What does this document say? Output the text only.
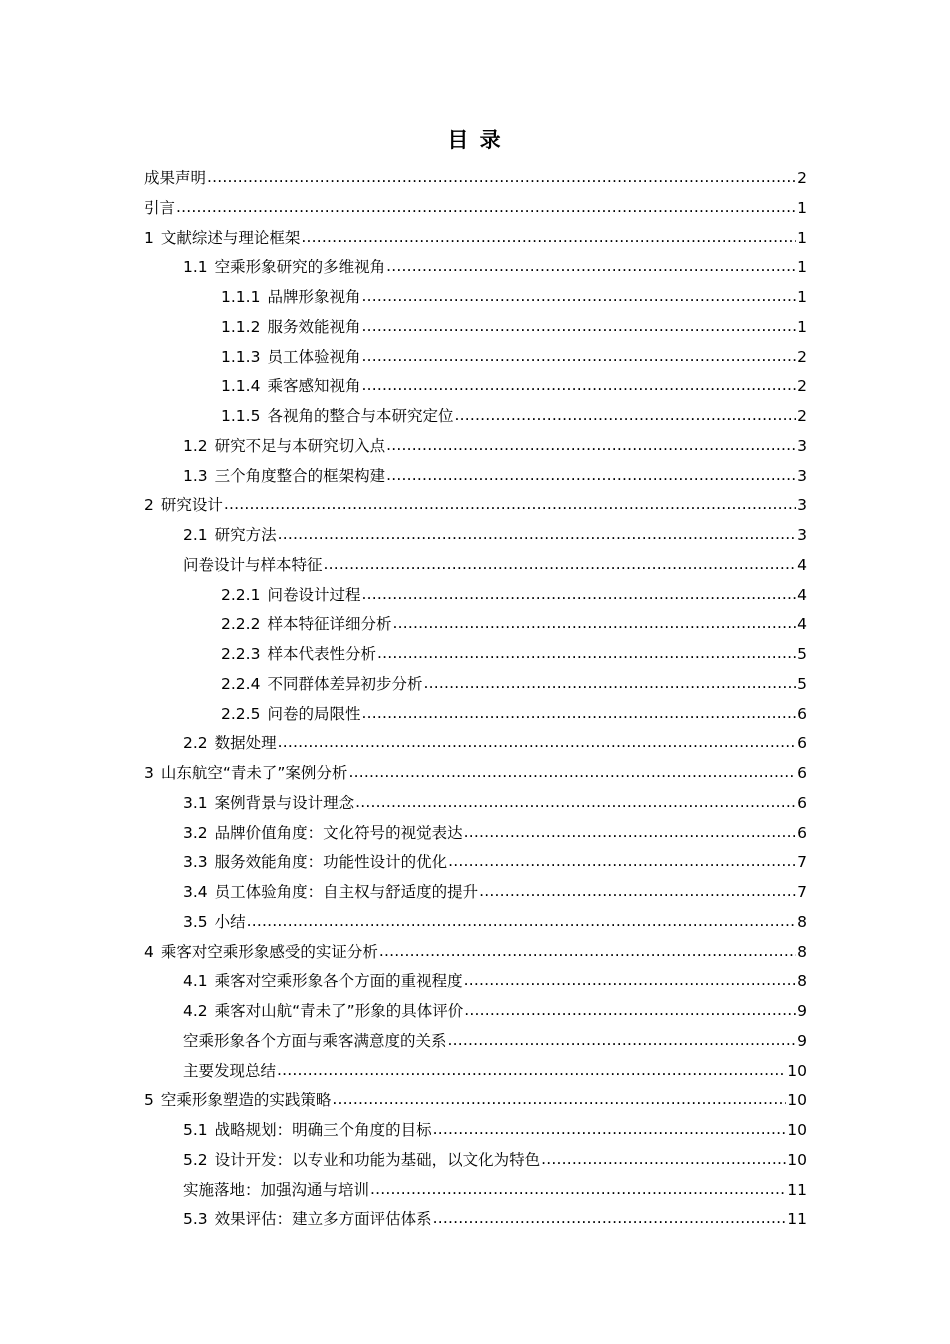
目 录
成果声明 .....	2
引言 .....	1
1 文献综述与理论框架 .....	1
1.1 空乘形象研究的多维视角 .....	1
1.1.1 品牌形象视角 .....	1
1.1.2 服务效能视角 .....	1
1.1.3 员工体验视角 .....	2
1.1.4 乘客感知视角 .....	2
1.1.5 各视角的整合与本研究定位 .....	2
1.2 研究不足与本研究切入点 .....	3
1.3 三个角度整合的框架构建 .....	3
2 研究设计 .....	3
2.1 研究方法 .....	3
问卷设计与样本特征 .....	4
2.2.1 问卷设计过程 .....	4
2.2.2 样本特征详细分析 .....	4
2.2.3 样本代表性分析 .....	5
2.2.4 不同群体差异初步分析 .....	5
2.2.5 问卷的局限性 .....	6
2.2 数据处理 .....	6
3 山东航空“青未了”案例分析 .....	6
3.1 案例背景与设计理念 .....	6
3.2 品牌价值角度：文化符号的视觉表达 .....	6
3.3 服务效能角度：功能性设计的优化 .....	7
3.4 员工体验角度：自主权与舒适度的提升 .....	7
3.5 小结 .....	8
4 乘客对空乘形象感受的实证分析 .....	8
4.1 乘客对空乘形象各个方面的重视程度 .....	8
4.2 乘客对山航“青未了”形象的具体评价 .....	9
空乘形象各个方面与乘客满意度的关系 .....	9
主要发现总结 .....	10
5 空乘形象塑造的实践策略 .....	10
5.1 战略规划：明确三个角度的目标 .....	10
5.2 设计开发：以专业和功能为基础，以文化为特色 .....	10
实施落地：加强沟通与培训 .....	11
5.3 效果评估：建立多方面评估体系 .....	11
